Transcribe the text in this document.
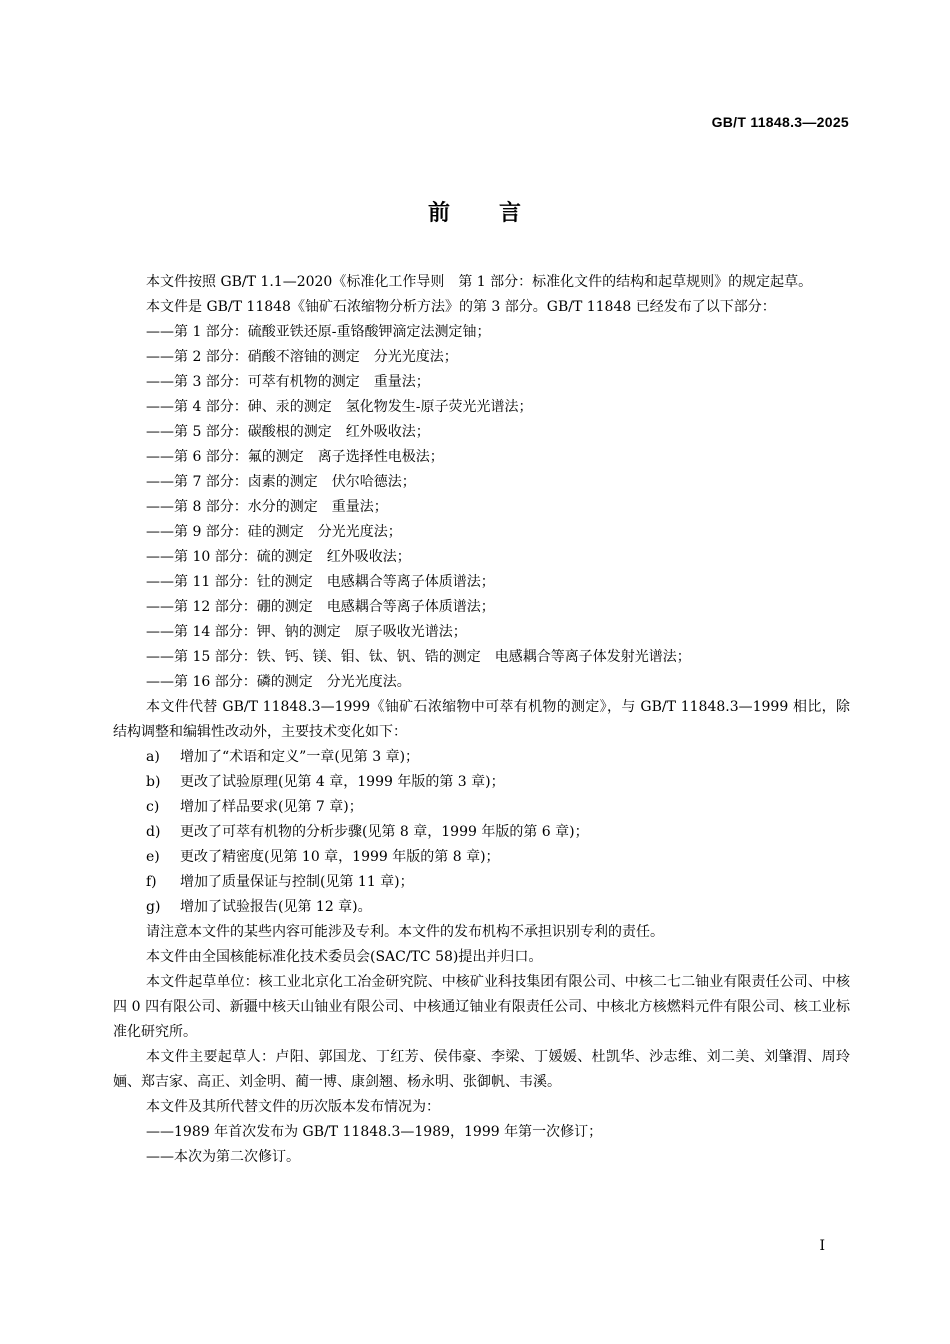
GB/T 11848.3—2025
前 言

本文件按照 GB/T 1.1—2020《标准化工作导则　第 1 部分：标准化文件的结构和起草规则》的规定起草。

本文件是 GB/T 11848《铀矿石浓缩物分析方法》的第 3 部分。GB/T 11848 已经发布了以下部分：

——第 1 部分：硫酸亚铁还原-重铬酸钾滴定法测定铀；
——第 2 部分：硝酸不溶铀的测定　分光光度法；
——第 3 部分：可萃有机物的测定　重量法；
——第 4 部分：砷、汞的测定　氢化物发生-原子荧光光谱法；
——第 5 部分：碳酸根的测定　红外吸收法；
——第 6 部分：氟的测定　离子选择性电极法；
——第 7 部分：卤素的测定　伏尔哈德法；
——第 8 部分：水分的测定　重量法；
——第 9 部分：硅的测定　分光光度法；
——第 10 部分：硫的测定　红外吸收法；
——第 11 部分：钍的测定　电感耦合等离子体质谱法；
——第 12 部分：硼的测定　电感耦合等离子体质谱法；
——第 14 部分：钾、钠的测定　原子吸收光谱法；
——第 15 部分：铁、钙、镁、钼、钛、钒、锆的测定　电感耦合等离子体发射光谱法；
——第 16 部分：磷的测定　分光光度法。

本文件代替 GB/T 11848.3—1999《铀矿石浓缩物中可萃有机物的测定》，与 GB/T 11848.3—1999 相比，除结构调整和编辑性改动外，主要技术变化如下：

a) 增加了“术语和定义”一章(见第 3 章)；
b) 更改了试验原理(见第 4 章，1999 年版的第 3 章)；
c) 增加了样品要求(见第 7 章)；
d) 更改了可萃有机物的分析步骤(见第 8 章，1999 年版的第 6 章)；
e) 更改了精密度(见第 10 章，1999 年版的第 8 章)；
f) 增加了质量保证与控制(见第 11 章)；
g) 增加了试验报告(见第 12 章)。

请注意本文件的某些内容可能涉及专利。本文件的发布机构不承担识别专利的责任。

本文件由全国核能标准化技术委员会(SAC/TC 58)提出并归口。

本文件起草单位：核工业北京化工冶金研究院、中核矿业科技集团有限公司、中核二七二铀业有限责任公司、中核四 0 四有限公司、新疆中核天山铀业有限公司、中核通辽铀业有限责任公司、中核北方核燃料元件有限公司、核工业标准化研究所。

本文件主要起草人：卢阳、郭国龙、丁红芳、侯伟豪、李梁、丁媛媛、杜凯华、沙志维、刘二美、刘肇渭、周玲婳、郑吉家、高正、刘金明、蔺一博、康剑翘、杨永明、张御帆、韦溪。

本文件及其所代替文件的历次版本发布情况为：

——1989 年首次发布为 GB/T 11848.3—1989，1999 年第一次修订；
——本次为第二次修订。
I
